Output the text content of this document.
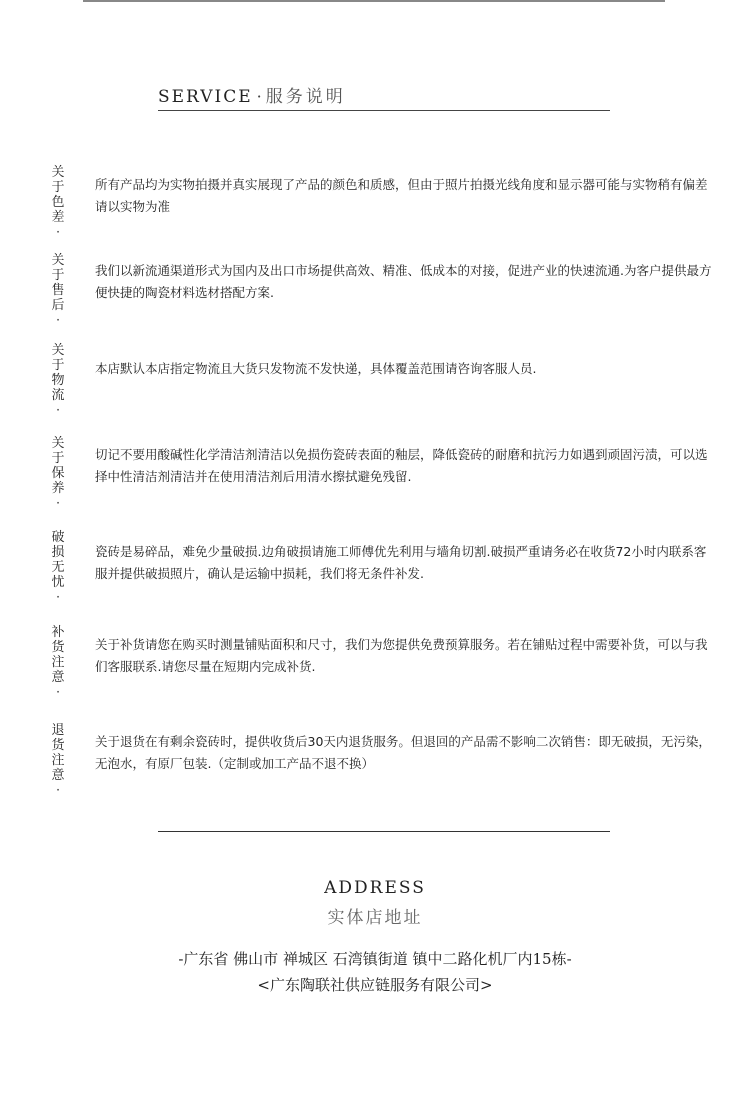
SERVICE · 服务说明
关于色差
·
所有产品均为实物拍摄并真实展现了产品的颜色和质感，但由于照片拍摄光线角度和显示器可能与实物稍有偏差请以实物为准
关于售后
·
我们以新流通渠道形式为国内及出口市场提供高效、精准、低成本的对接，促进产业的快速流通.为客户提供最方便快捷的陶瓷材料选材搭配方案.
关于物流
·
本店默认本店指定物流且大货只发物流不发快递，具体覆盖范围请咨询客服人员.
关于保养
·
切记不要用酸碱性化学清洁剂清洁以免损伤瓷砖表面的釉层，降低瓷砖的耐磨和抗污力如遇到顽固污渍，可以选择中性清洁剂清洁并在使用清洁剂后用清水擦拭避免残留.
破损无忧
·
瓷砖是易碎品，难免少量破损.边角破损请施工师傅优先利用与墙角切割.破损严重请务必在收货72小时内联系客服并提供破损照片，确认是运输中损耗，我们将无条件补发.
补货注意
·
关于补货请您在购买时测量铺贴面积和尺寸，我们为您提供免费预算服务。若在铺贴过程中需要补货，可以与我们客服联系.请您尽量在短期内完成补货.
退货注意
·
关于退货在有剩余瓷砖时，提供收货后30天内退货服务。但退回的产品需不影响二次销售：即无破损，无污染，无泡水，有原厂包装.（定制或加工产品不退不换）
ADDRESS
实体店地址
-广东省 佛山市 禅城区 石湾镇街道 镇中二路化机厂内15栋-
<广东陶联社供应链服务有限公司>
